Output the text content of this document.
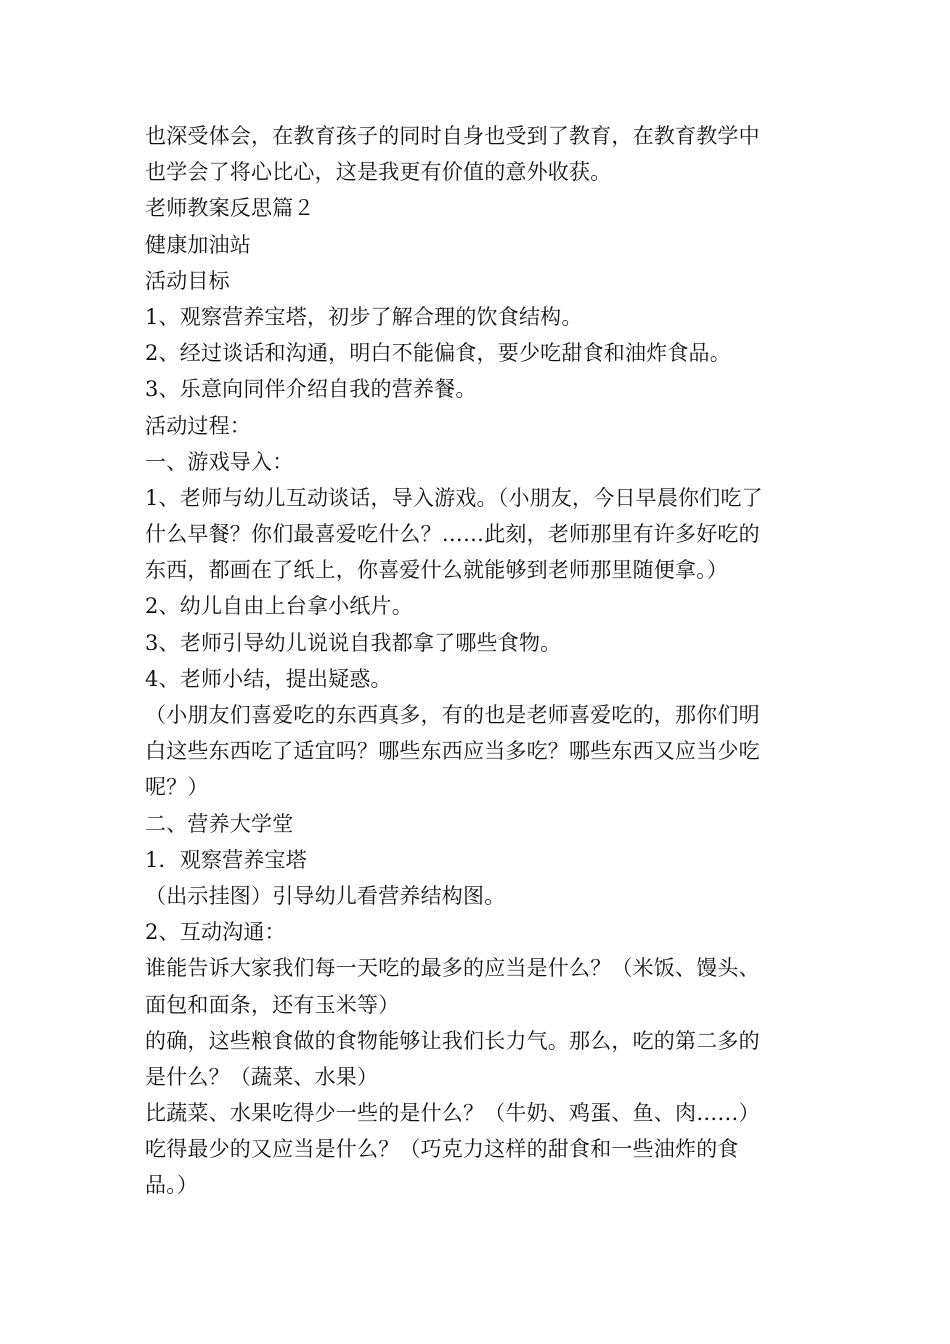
也深受体会，在教育孩子的同时自身也受到了教育，在教育教学中
也学会了将心比心，这是我更有价值的意外收获。
老师教案反思篇２
健康加油站
活动目标
1、观察营养宝塔，初步了解合理的饮食结构。
2、经过谈话和沟通，明白不能偏食，要少吃甜食和油炸食品。
3、乐意向同伴介绍自我的营养餐。
活动过程：
一、游戏导入：
1、老师与幼儿互动谈话，导入游戏。（小朋友，今日早晨你们吃了
什么早餐？你们最喜爱吃什么？……此刻，老师那里有许多好吃的
东西，都画在了纸上，你喜爱什么就能够到老师那里随便拿。）
2、幼儿自由上台拿小纸片。
3、老师引导幼儿说说自我都拿了哪些食物。
4、老师小结，提出疑惑。
（小朋友们喜爱吃的东西真多，有的也是老师喜爱吃的，那你们明
白这些东西吃了适宜吗？哪些东西应当多吃？哪些东西又应当少吃
呢？）
二、营养大学堂
1．观察营养宝塔
（出示挂图）引导幼儿看营养结构图。
2、互动沟通：
谁能告诉大家我们每一天吃的最多的应当是什么？（米饭、馒头、
面包和面条，还有玉米等）
的确，这些粮食做的食物能够让我们长力气。那么，吃的第二多的
是什么？（蔬菜、水果）
比蔬菜、水果吃得少一些的是什么？（牛奶、鸡蛋、鱼、肉……）
吃得最少的又应当是什么？（巧克力这样的甜食和一些油炸的食
品。）
